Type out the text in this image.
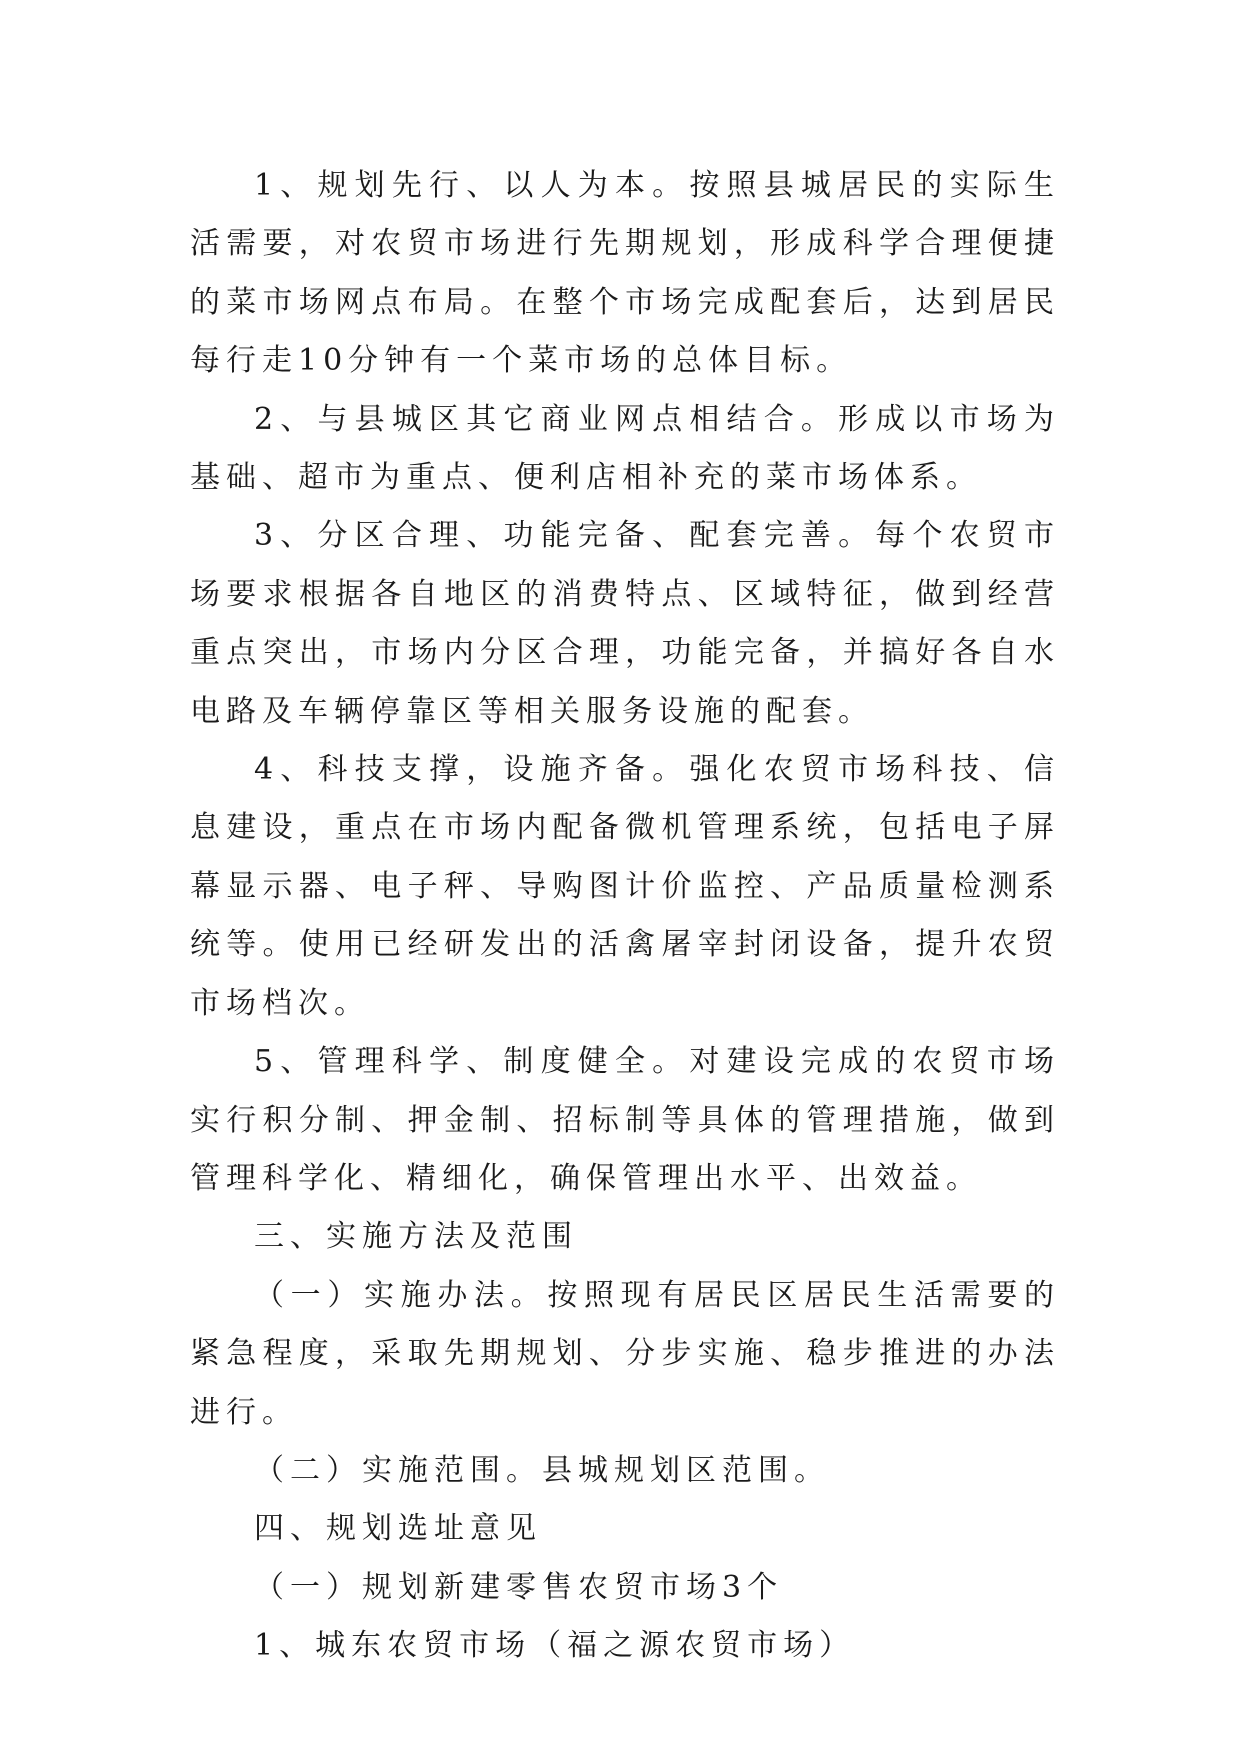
1、规划先行、以人为本。按照县城居民的实际生活需要，对农贸市场进行先期规划，形成科学合理便捷的菜市场网点布局。在整个市场完成配套后，达到居民每行走10分钟有一个菜市场的总体目标。

2、与县城区其它商业网点相结合。形成以市场为基础、超市为重点、便利店相补充的菜市场体系。

3、分区合理、功能完备、配套完善。每个农贸市场要求根据各自地区的消费特点、区域特征，做到经营重点突出，市场内分区合理，功能完备，并搞好各自水电路及车辆停靠区等相关服务设施的配套。

4、科技支撑，设施齐备。强化农贸市场科技、信息建设，重点在市场内配备微机管理系统，包括电子屏幕显示器、电子秤、导购图计价监控、产品质量检测系统等。使用已经研发出的活禽屠宰封闭设备，提升农贸市场档次。

5、管理科学、制度健全。对建设完成的农贸市场实行积分制、押金制、招标制等具体的管理措施，做到管理科学化、精细化，确保管理出水平、出效益。

三、实施方法及范围

（一）实施办法。按照现有居民区居民生活需要的紧急程度，采取先期规划、分步实施、稳步推进的办法进行。

（二）实施范围。县城规划区范围。

四、规划选址意见

（一）规划新建零售农贸市场3个

1、城东农贸市场（福之源农贸市场）
